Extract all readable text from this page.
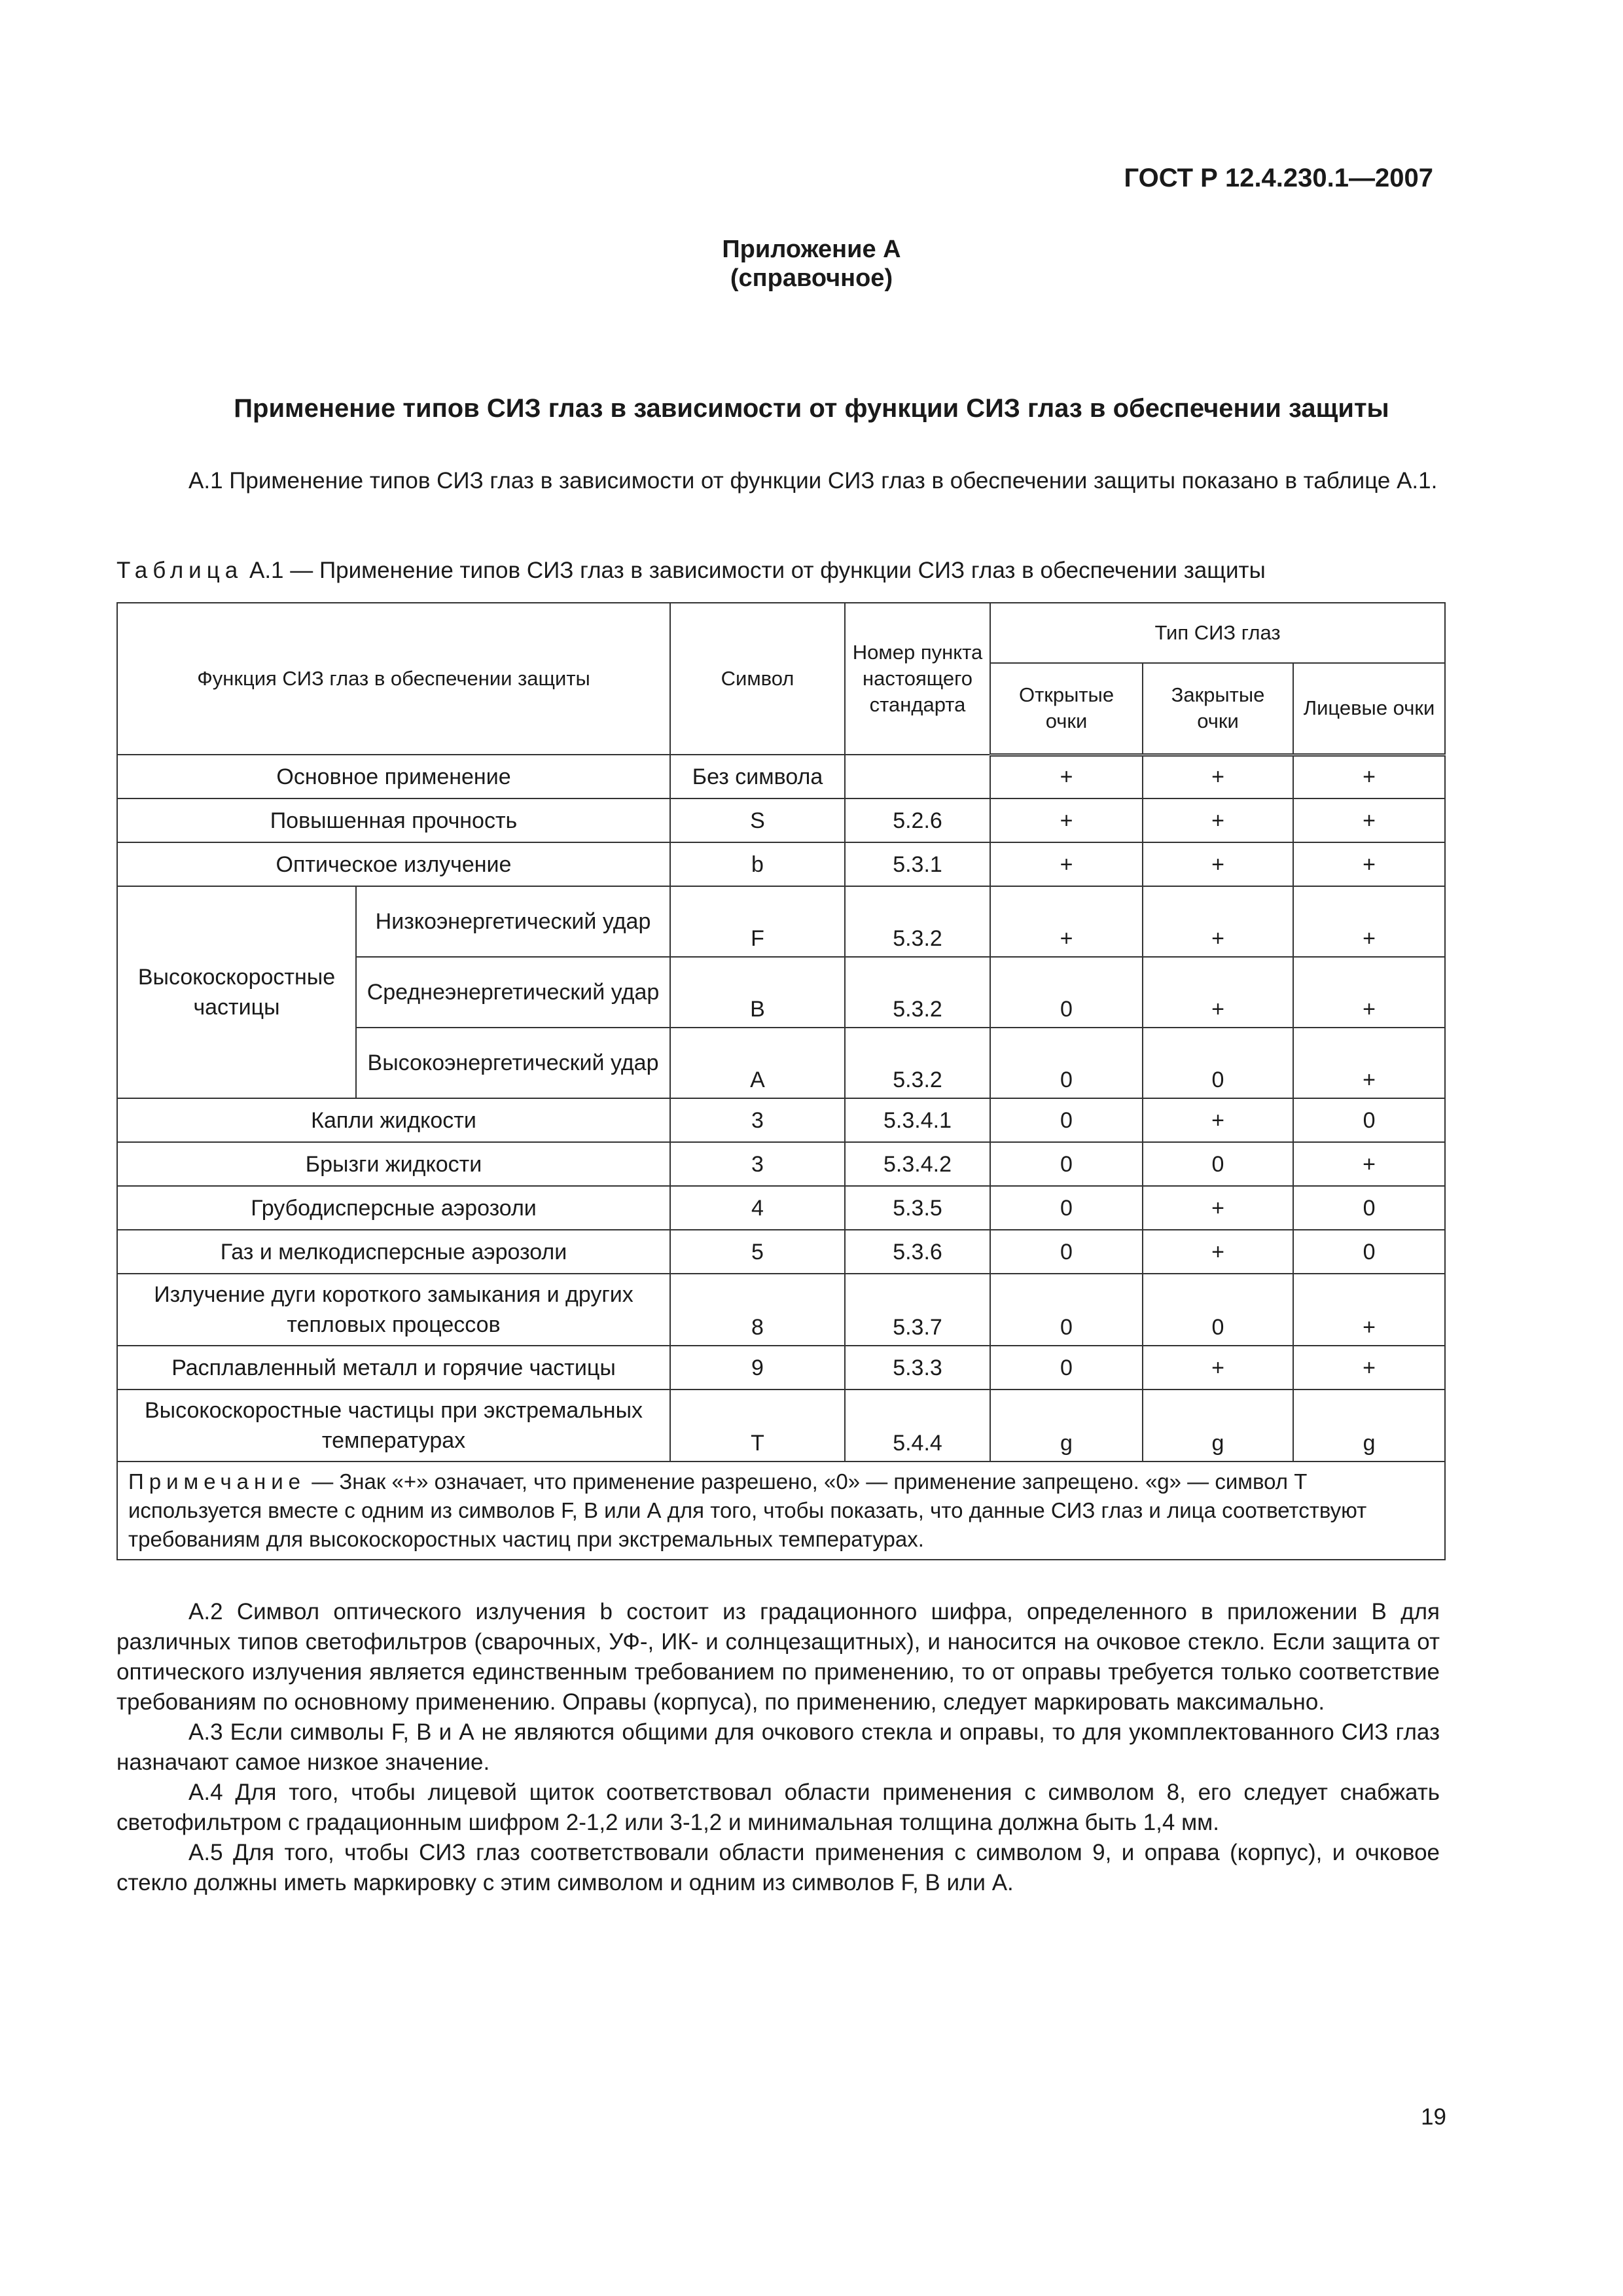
ГОСТ Р 12.4.230.1—2007
Приложение А
(справочное)
Применение типов СИЗ глаз в зависимости от функции СИЗ глаз в обеспечении защиты

А.1 Применение типов СИЗ глаз в зависимости от функции СИЗ глаз в обеспечении защиты показано в таблице А.1.

Таблица А.1 — Применение типов СИЗ глаз в зависимости от функции СИЗ глаз в обеспечении защиты
Функция СИЗ глаз в обеспечении защиты		Символ	Номер пункта настоящего стандарта	Тип СИЗ глаз		
				Открытые очки	Закрытые очки	Лицевые очки
Основное применение		Без символа		+	+	+
Повышенная прочность		S	5.2.6	+	+	+
Оптическое излучение		b	5.3.1	+	+	+
Высокоскоростные частицы	Низкоэнергетический удар	F	5.3.2	+	+	+
	Среднеэнергетический удар	B	5.3.2	0	+	+
	Высокоэнергетический удар	A	5.3.2	0	0	+
Капли жидкости		3	5.3.4.1	0	+	0
Брызги жидкости		3	5.3.4.2	0	0	+
Грубодисперсные аэрозоли		4	5.3.5	0	+	0
Газ и мелкодисперсные аэрозоли		5	5.3.6	0	+	0
Излучение дуги короткого замыкания и других тепловых процессов		8	5.3.7	0	0	+
Расплавленный металл и горячие частицы		9	5.3.3	0	+	+
Высокоскоростные частицы при экстремальных температурах		T	5.4.4	g	g	g
Примечание — Знак «+» означает, что применение разрешено, «0» — применение запрещено. «g» — символ Т используется вместе с одним из символов F, В или А для того, чтобы показать, что данные СИЗ глаз и лица соответствуют требованиям для высокоскоростных частиц при экстремальных температурах.						

А.2 Символ оптического излучения b состоит из градационного шифра, определенного в приложении В для различных типов светофильтров (сварочных, УФ-, ИК- и солнцезащитных), и наносится на очковое стекло. Если защита от оптического излучения является единственным требованием по применению, то от оправы требуется только соответствие требованиям по основному применению. Оправы (корпуса), по применению, следует маркировать максимально.

А.3 Если символы F, В и А не являются общими для очкового стекла и оправы, то для укомплектованного СИЗ глаз назначают самое низкое значение.

А.4 Для того, чтобы лицевой щиток соответствовал области применения с символом 8, его следует снабжать светофильтром с градационным шифром 2-1,2 или 3-1,2 и минимальная толщина должна быть 1,4 мм.

А.5 Для того, чтобы СИЗ глаз соответствовали области применения с символом 9, и оправа (корпус), и очковое стекло должны иметь маркировку с этим символом и одним из символов F, В или А.

19
